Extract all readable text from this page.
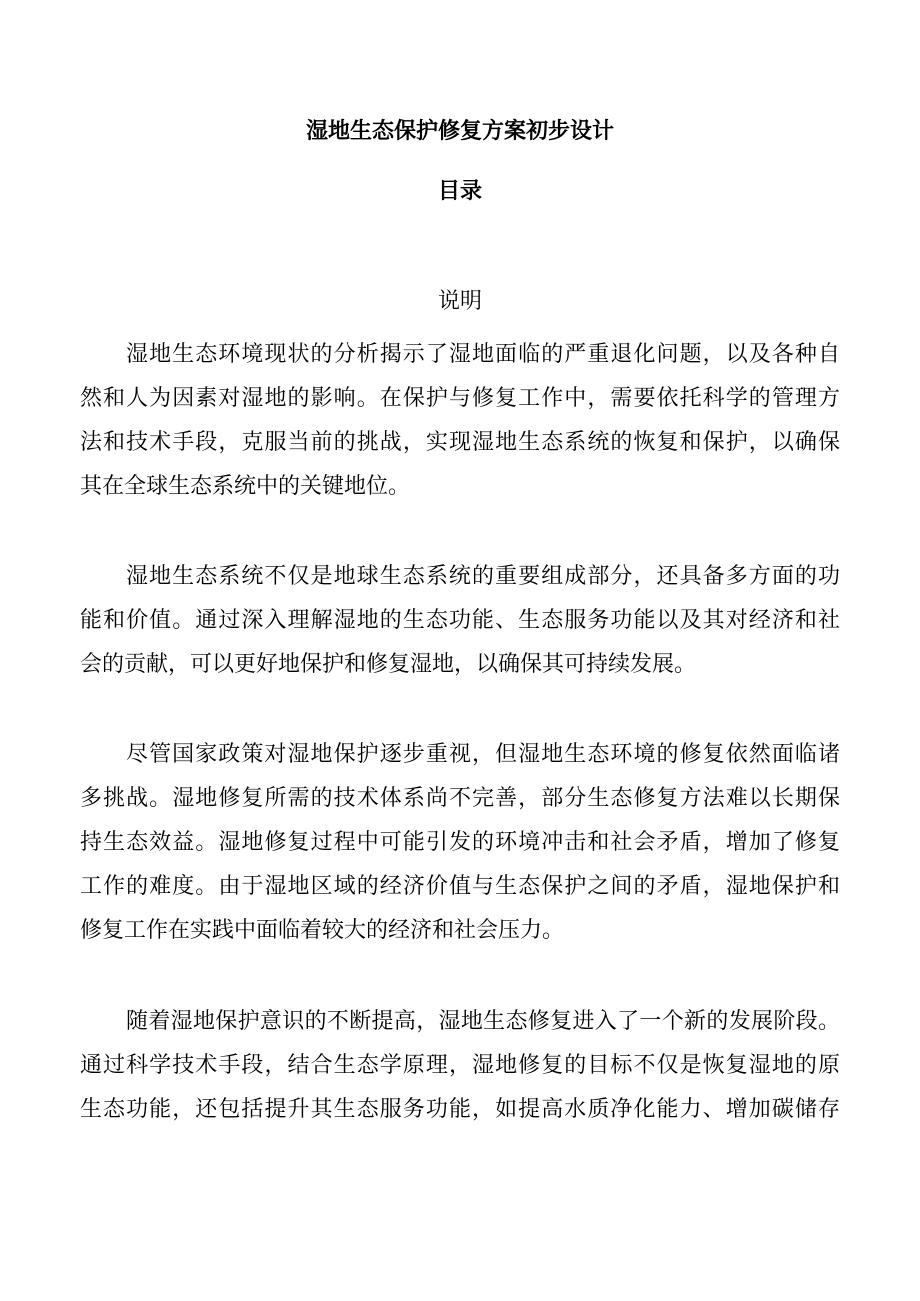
湿地生态保护修复方案初步设计
目录
说明
湿地生态环境现状的分析揭示了湿地面临的严重退化问题，以及各种自
然和人为因素对湿地的影响。在保护与修复工作中，需要依托科学的管理方
法和技术手段，克服当前的挑战，实现湿地生态系统的恢复和保护，以确保
其在全球生态系统中的关键地位。
湿地生态系统不仅是地球生态系统的重要组成部分，还具备多方面的功
能和价值。通过深入理解湿地的生态功能、生态服务功能以及其对经济和社
会的贡献，可以更好地保护和修复湿地，以确保其可持续发展。
尽管国家政策对湿地保护逐步重视，但湿地生态环境的修复依然面临诸
多挑战。湿地修复所需的技术体系尚不完善，部分生态修复方法难以长期保
持生态效益。湿地修复过程中可能引发的环境冲击和社会矛盾，增加了修复
工作的难度。由于湿地区域的经济价值与生态保护之间的矛盾，湿地保护和
修复工作在实践中面临着较大的经济和社会压力。
随着湿地保护意识的不断提高，湿地生态修复进入了一个新的发展阶段。
通过科学技术手段，结合生态学原理，湿地修复的目标不仅是恢复湿地的原
生态功能，还包括提升其生态服务功能，如提高水质净化能力、增加碳储存
